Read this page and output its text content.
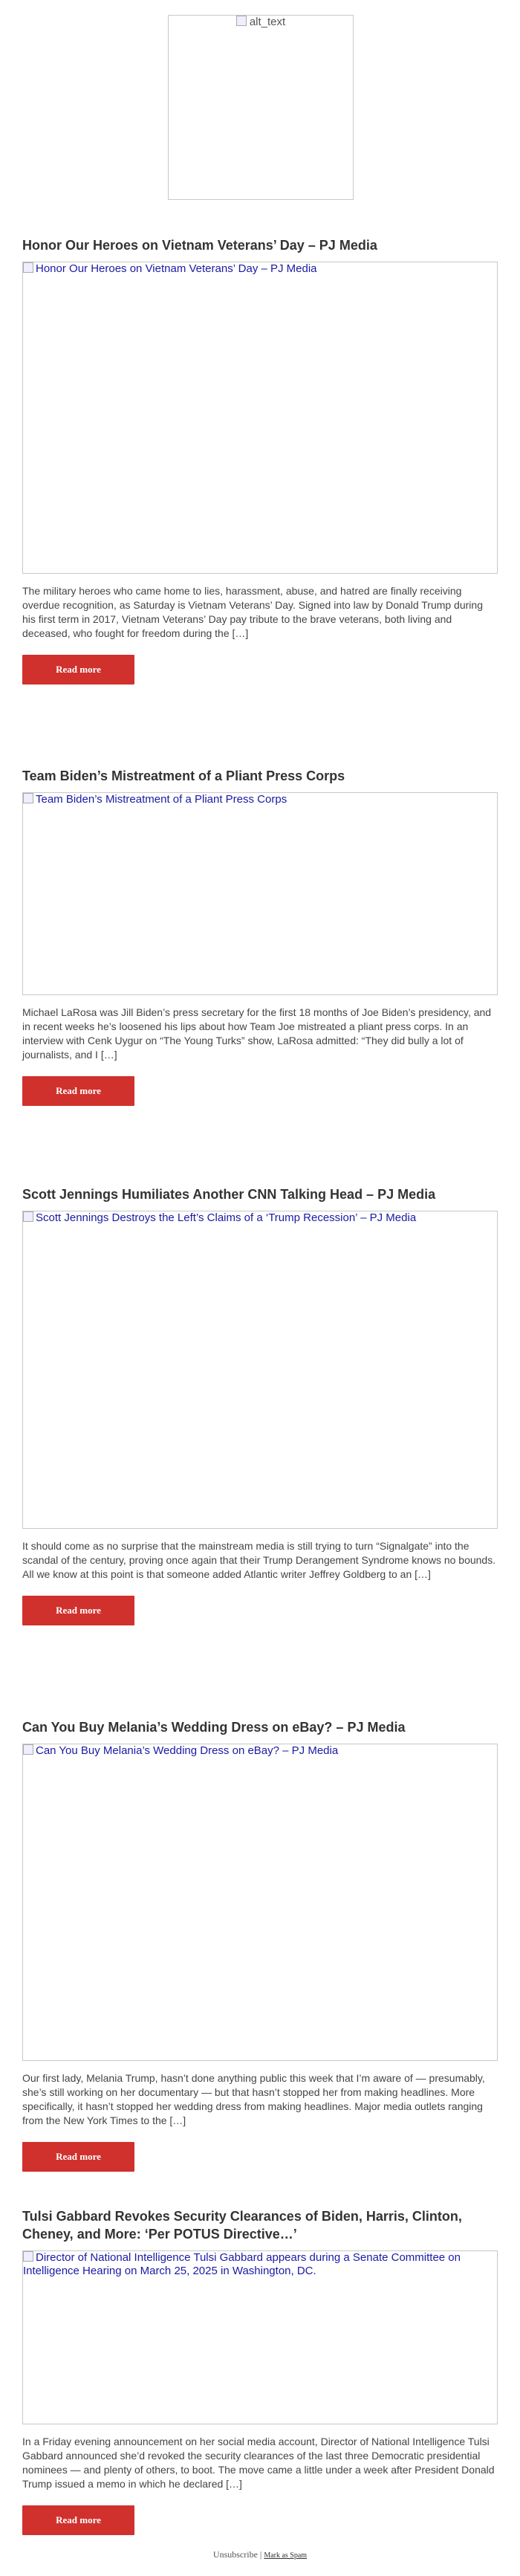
alt_text
Honor Our Heroes on Vietnam Veterans’ Day – PJ Media
Honor Our Heroes on Vietnam Veterans’ Day – PJ Media

The military heroes who came home to lies, harassment, abuse, and hatred are finally receiving overdue recognition, as Saturday is Vietnam Veterans’ Day. Signed into law by Donald Trump during his first term in 2017, Vietnam Veterans’ Day pay tribute to the brave veterans, both living and deceased, who fought for freedom during the […]

Read more
Team Biden’s Mistreatment of a Pliant Press Corps
Team Biden’s Mistreatment of a Pliant Press Corps

Michael LaRosa was Jill Biden’s press secretary for the first 18 months of Joe Biden’s presidency, and in recent weeks he’s loosened his lips about how Team Joe mistreated a pliant press corps. In an interview with Cenk Uygur on “The Young Turks” show, LaRosa admitted: “They did bully a lot of journalists, and I […]

Read more
Scott Jennings Humiliates Another CNN Talking Head – PJ Media
Scott Jennings Destroys the Left’s Claims of a ‘Trump Recession’ – PJ Media

It should come as no surprise that the mainstream media is still trying to turn “Signalgate” into the scandal of the century, proving once again that their Trump Derangement Syndrome knows no bounds. All we know at this point is that someone added Atlantic writer Jeffrey Goldberg to an […]

Read more
Can You Buy Melania’s Wedding Dress on eBay? – PJ Media
Can You Buy Melania’s Wedding Dress on eBay? – PJ Media

Our first lady, Melania Trump, hasn’t done anything public this week that I’m aware of — presumably, she’s still working on her documentary — but that hasn’t stopped her from making headlines. More specifically, it hasn’t stopped her wedding dress from making headlines. Major media outlets ranging from the New York Times to the […]

Read more
Tulsi Gabbard Revokes Security Clearances of Biden, Harris, Clinton, Cheney, and More: ‘Per POTUS Directive…’
Director of National Intelligence Tulsi Gabbard appears during a Senate Committee on Intelligence Hearing on March 25, 2025 in Washington, DC.

In a Friday evening announcement on her social media account, Director of National Intelligence Tulsi Gabbard announced she’d revoked the security clearances of the last three Democratic presidential nominees — and plenty of others, to boot. The move came a little under a week after President Donald Trump issued a memo in which he declared […]

Read more
Unsubscribe | Mark as Spam
